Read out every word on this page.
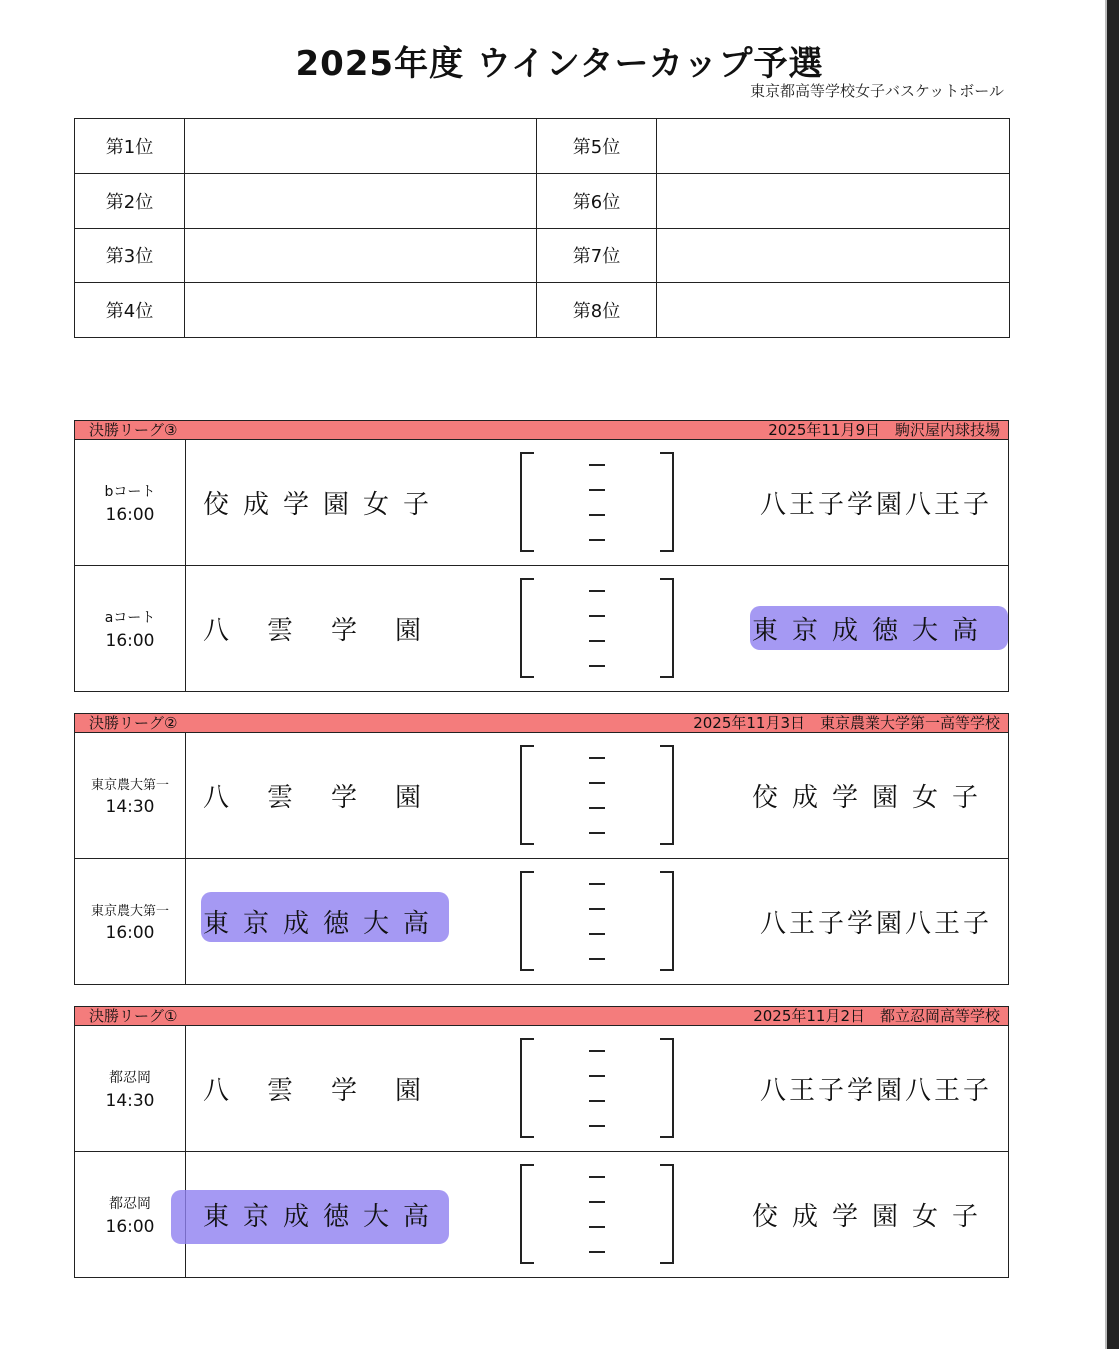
2025年度 ウインターカップ予選
東京都高等学校女子バスケットボール
第1位		第5位	
第2位		第6位	
第3位		第7位	
第4位		第8位	
決勝リーグ③	2025年11月9日　駒沢屋内球技場
bコート
16:00 佼成学園女子	八王子学園八王子
aコート
16:00 八雲学園	東京成徳大高
決勝リーグ②	2025年11月3日　東京農業大学第一高等学校
東京農大第一
14:30 八雲学園	佼成学園女子
東京農大第一
16:00 東京成徳大高	八王子学園八王子
決勝リーグ①	2025年11月2日　都立忍岡高等学校
都忍岡
14:30 八雲学園	八王子学園八王子
都忍岡
16:00 東京成徳大高	佼成学園女子
